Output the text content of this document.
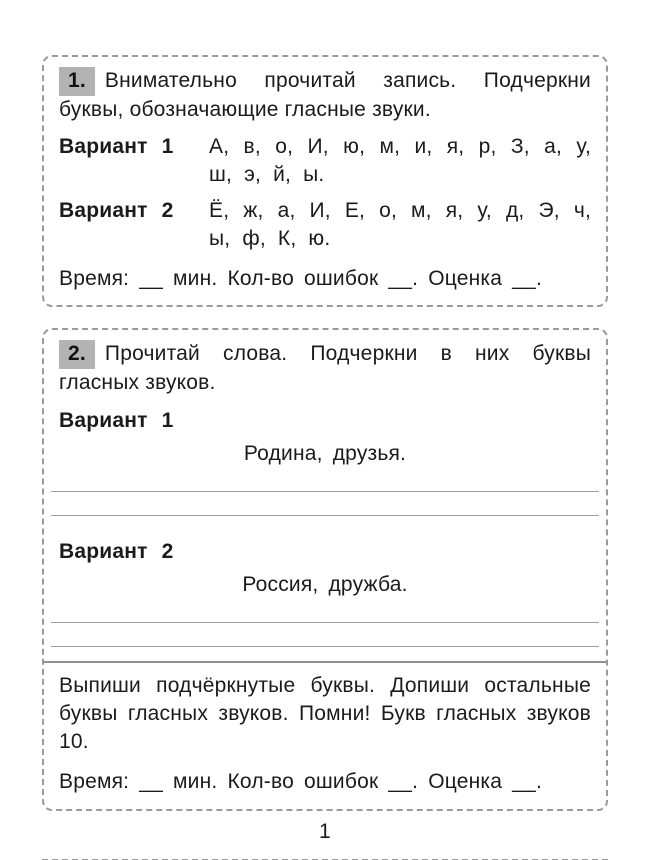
1. Внимательно прочитай запись. Подчеркни буквы, обозначающие гласные звуки.

Вариант 1	А, в, о, И, ю, м, и, я, р, З, а, у, ш, э, й, ы.
Вариант 2	Ё, ж, а, И, Е, о, м, я, у, д, Э, ч, ы, ф, К, ю.

Время: __ мин. Кол-во ошибок __. Оценка __.

2. Прочитай слова. Подчеркни в них буквы гласных звуков.

Вариант 1

Родина, друзья.

Вариант 2

Россия, дружба.

Выпиши подчёркнутые буквы. Допиши остальные буквы гласных звуков. Помни! Букв гласных звуков 10.

Время: __ мин. Кол-во ошибок __. Оценка __.

1
